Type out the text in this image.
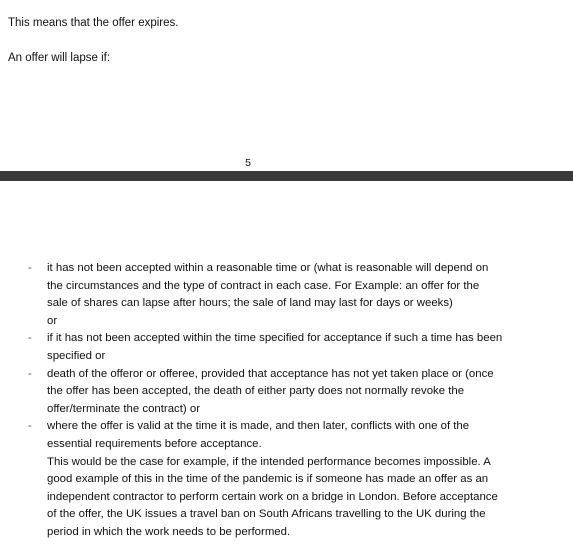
This means that the offer expires.
An offer will lapse if:
5
- it has not been accepted within a reasonable time or (what is reasonable will depend on the circumstances and the type of contract in each case. For Example: an offer for the sale of shares can lapse after hours; the sale of land may last for days or weeks)
or
- if it has not been accepted within the time specified for acceptance if such a time has been specified or
- death of the offeror or offeree, provided that acceptance has not yet taken place or (once the offer has been accepted, the death of either party does not normally revoke the offer/terminate the contract) or
- where the offer is valid at the time it is made, and then later, conflicts with one of the essential requirements before acceptance.
This would be the case for example, if the intended performance becomes impossible. A good example of this in the time of the pandemic is if someone has made an offer as an independent contractor to perform certain work on a bridge in London. Before acceptance of the offer, the UK issues a travel ban on South Africans travelling to the UK during the period in which the work needs to be performed.
